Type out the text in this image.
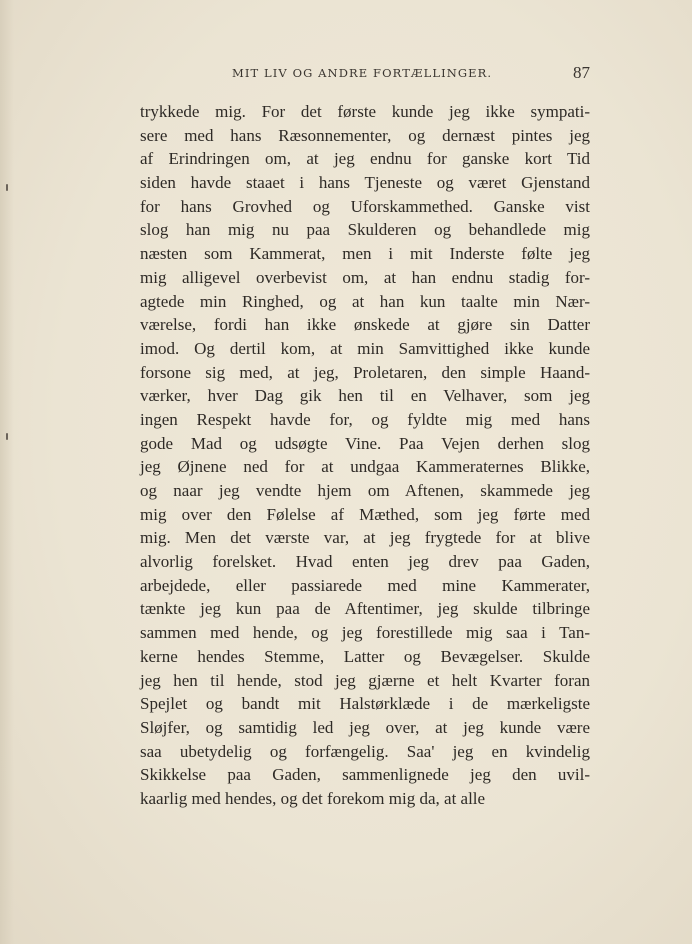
MIT LIV OG ANDRE FORTÆLLINGER.	87
trykkede mig. For det første kunde jeg ikke sympati-
sere med hans Ræsonnementer, og dernæst pintes jeg
af Erindringen om, at jeg endnu for ganske kort Tid
siden havde staaet i hans Tjeneste og været Gjenstand
for hans Grovhed og Uforskammethed. Ganske vist
slog han mig nu paa Skulderen og behandlede mig
næsten som Kammerat, men i mit Inderste følte jeg
mig alligevel overbevist om, at han endnu stadig for-
agtede min Ringhed, og at han kun taalte min Nær-
værelse, fordi han ikke ønskede at gjøre sin Datter
imod. Og dertil kom, at min Samvittighed ikke kunde
forsone sig med, at jeg, Proletaren, den simple Haand-
værker, hver Dag gik hen til en Velhaver, som jeg
ingen Respekt havde for, og fyldte mig med hans
gode Mad og udsøgte Vine. Paa Vejen derhen slog
jeg Øjnene ned for at undgaa Kammeraternes Blikke,
og naar jeg vendte hjem om Aftenen, skammede jeg
mig over den Følelse af Mæthed, som jeg førte med
mig. Men det værste var, at jeg frygtede for at blive
alvorlig forelsket. Hvad enten jeg drev paa Gaden,
arbejdede, eller passiarede med mine Kammerater,
tænkte jeg kun paa de Aftentimer, jeg skulde tilbringe
sammen med hende, og jeg forestillede mig saa i Tan-
kerne hendes Stemme, Latter og Bevægelser. Skulde
jeg hen til hende, stod jeg gjærne et helt Kvarter foran
Spejlet og bandt mit Halstørklæde i de mærkeligste
Sløjfer, og samtidig led jeg over, at jeg kunde være
saa ubetydelig og forfængelig. Saa' jeg en kvindelig
Skikkelse paa Gaden, sammenlignede jeg den uvil-
kaarlig med hendes, og det forekom mig da, at alle
